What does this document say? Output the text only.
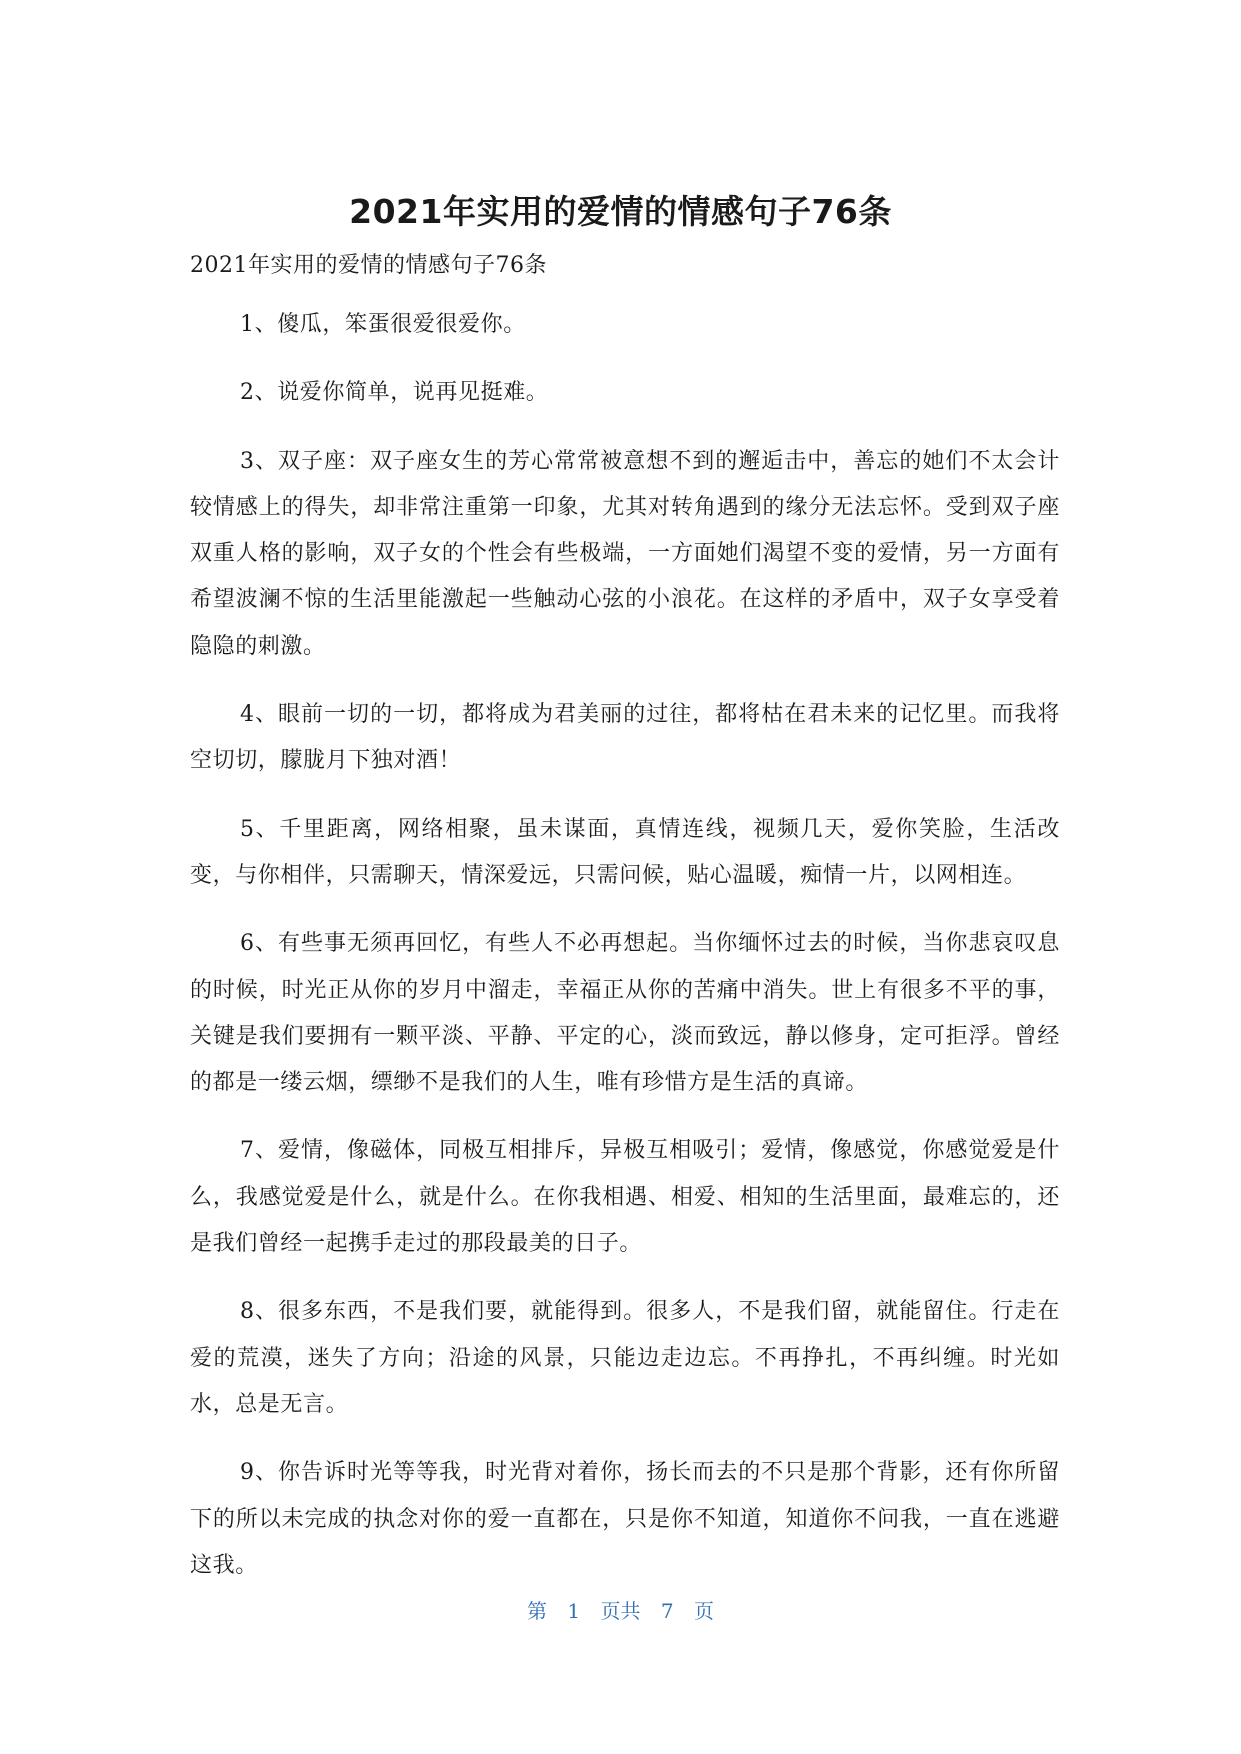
2021年实用的爱情的情感句子76条

2021年实用的爱情的情感句子76条

1、傻瓜，笨蛋很爱很爱你。

2、说爱你简单，说再见挺难。

3、双子座：双子座女生的芳心常常被意想不到的邂逅击中，善忘的她们不太会计较情感上的得失，却非常注重第一印象，尤其对转角遇到的缘分无法忘怀。受到双子座双重人格的影响，双子女的个性会有些极端，一方面她们渴望不变的爱情，另一方面有希望波澜不惊的生活里能激起一些触动心弦的小浪花。在这样的矛盾中，双子女享受着隐隐的刺激。

4、眼前一切的一切，都将成为君美丽的过往，都将枯在君未来的记忆里。而我将空切切，朦胧月下独对酒！

5、千里距离，网络相聚，虽未谋面，真情连线，视频几天，爱你笑脸，生活改变，与你相伴，只需聊天，情深爱远，只需问候，贴心温暖，痴情一片，以网相连。

6、有些事无须再回忆，有些人不必再想起。当你缅怀过去的时候，当你悲哀叹息的时候，时光正从你的岁月中溜走，幸福正从你的苦痛中消失。世上有很多不平的事，关键是我们要拥有一颗平淡、平静、平定的心，淡而致远，静以修身，定可拒浮。曾经的都是一缕云烟，缥缈不是我们的人生，唯有珍惜方是生活的真谛。

7、爱情，像磁体，同极互相排斥，异极互相吸引；爱情，像感觉，你感觉爱是什么，我感觉爱是什么，就是什么。在你我相遇、相爱、相知的生活里面，最难忘的，还是我们曾经一起携手走过的那段最美的日子。

8、很多东西，不是我们要，就能得到。很多人，不是我们留，就能留住。行走在爱的荒漠，迷失了方向；沿途的风景，只能边走边忘。不再挣扎，不再纠缠。时光如水，总是无言。

9、你告诉时光等等我，时光背对着你，扬长而去的不只是那个背影，还有你所留下的所以未完成的执念对你的爱一直都在，只是你不知道，知道你不问我，一直在逃避这我。

第 1 页共 7 页
